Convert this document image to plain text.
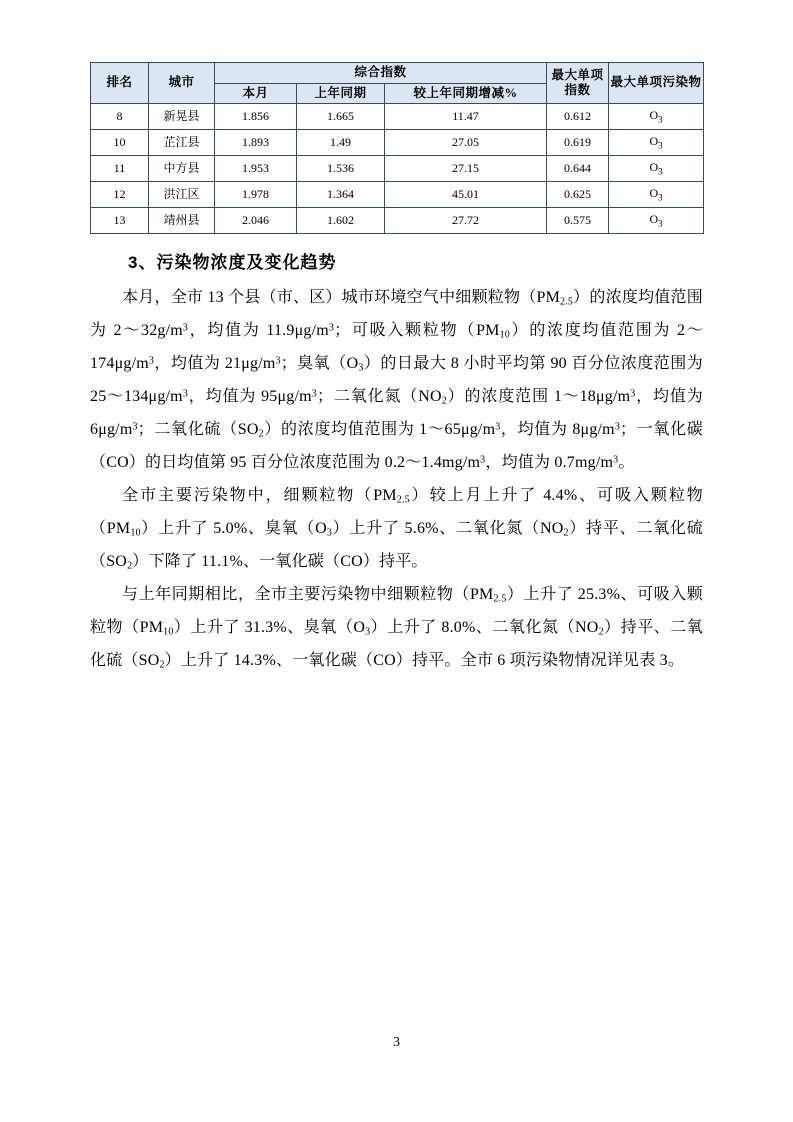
排名	城市	综合指数			最大单项指数	最大单项污染物
		本月	上年同期	较上年同期增减%		
8	新晃县	1.856	1.665	11.47	0.612	$O_3$
10	芷江县	1.893	1.49	27.05	0.619	$O_3$
11	中方县	1.953	1.536	27.15	0.644	$O_3$
12	洪江区	1.978	1.364	45.01	0.625	$O_3$
13	靖州县	2.046	1.602	27.72	0.575	$O_3$
3、污染物浓度及变化趋势

本月，全市 13 个县（市、区）城市环境空气中细颗粒物$(PM_{2.5})$的浓度均值范围为 $2\sim 32g/m^3$，均值为 $11.9\mu g/m^3$；可吸入颗粒物$(PM_{10})$的浓度均值范围为 $2\sim 174\mu g/m^3$，均值为 $21\mu g/m^3$；臭氧$(O_3)$的日最大 8 小时平均第 90 百分位浓度范围为 $25\sim 134\mu g/m^3$，均值为 $95\mu g/m^3$；二氧化氮$(NO_2)$的浓度范围 $1\sim 18\mu g/m^3$，均值为 $6\mu g/m^3$；二氧化硫$(SO_2)$的浓度均值范围为 $1\sim 65\mu g/m^3$，均值为 $8\mu g/m^3$；一氧化碳（CO）的日均值第 95 百分位浓度范围为 $0.2\sim 1.4mg/m^3$，均值为 $0.7mg/m^3$。

全市主要污染物中，细颗粒物$(PM_{2.5})$较上月上升了 4.4%、可吸入颗粒物$(PM_{10})$上升了 5.0%、臭氧$(O_3)$上升了 5.6%、二氧化氮$(NO_2)$持平、二氧化硫$(SO_2)$下降了 11.1%、一氧化碳（CO）持平。

与上年同期相比，全市主要污染物中细颗粒物$(PM_{2.5})$上升了 25.3%、可吸入颗粒物$(PM_{10})$上升了 31.3%、臭氧$(O_3)$上升了 8.0%、二氧化氮$(NO_2)$持平、二氧化硫$(SO_2)$上升了 14.3%、一氧化碳（CO）持平。全市 6 项污染物情况详见表 3。

3
